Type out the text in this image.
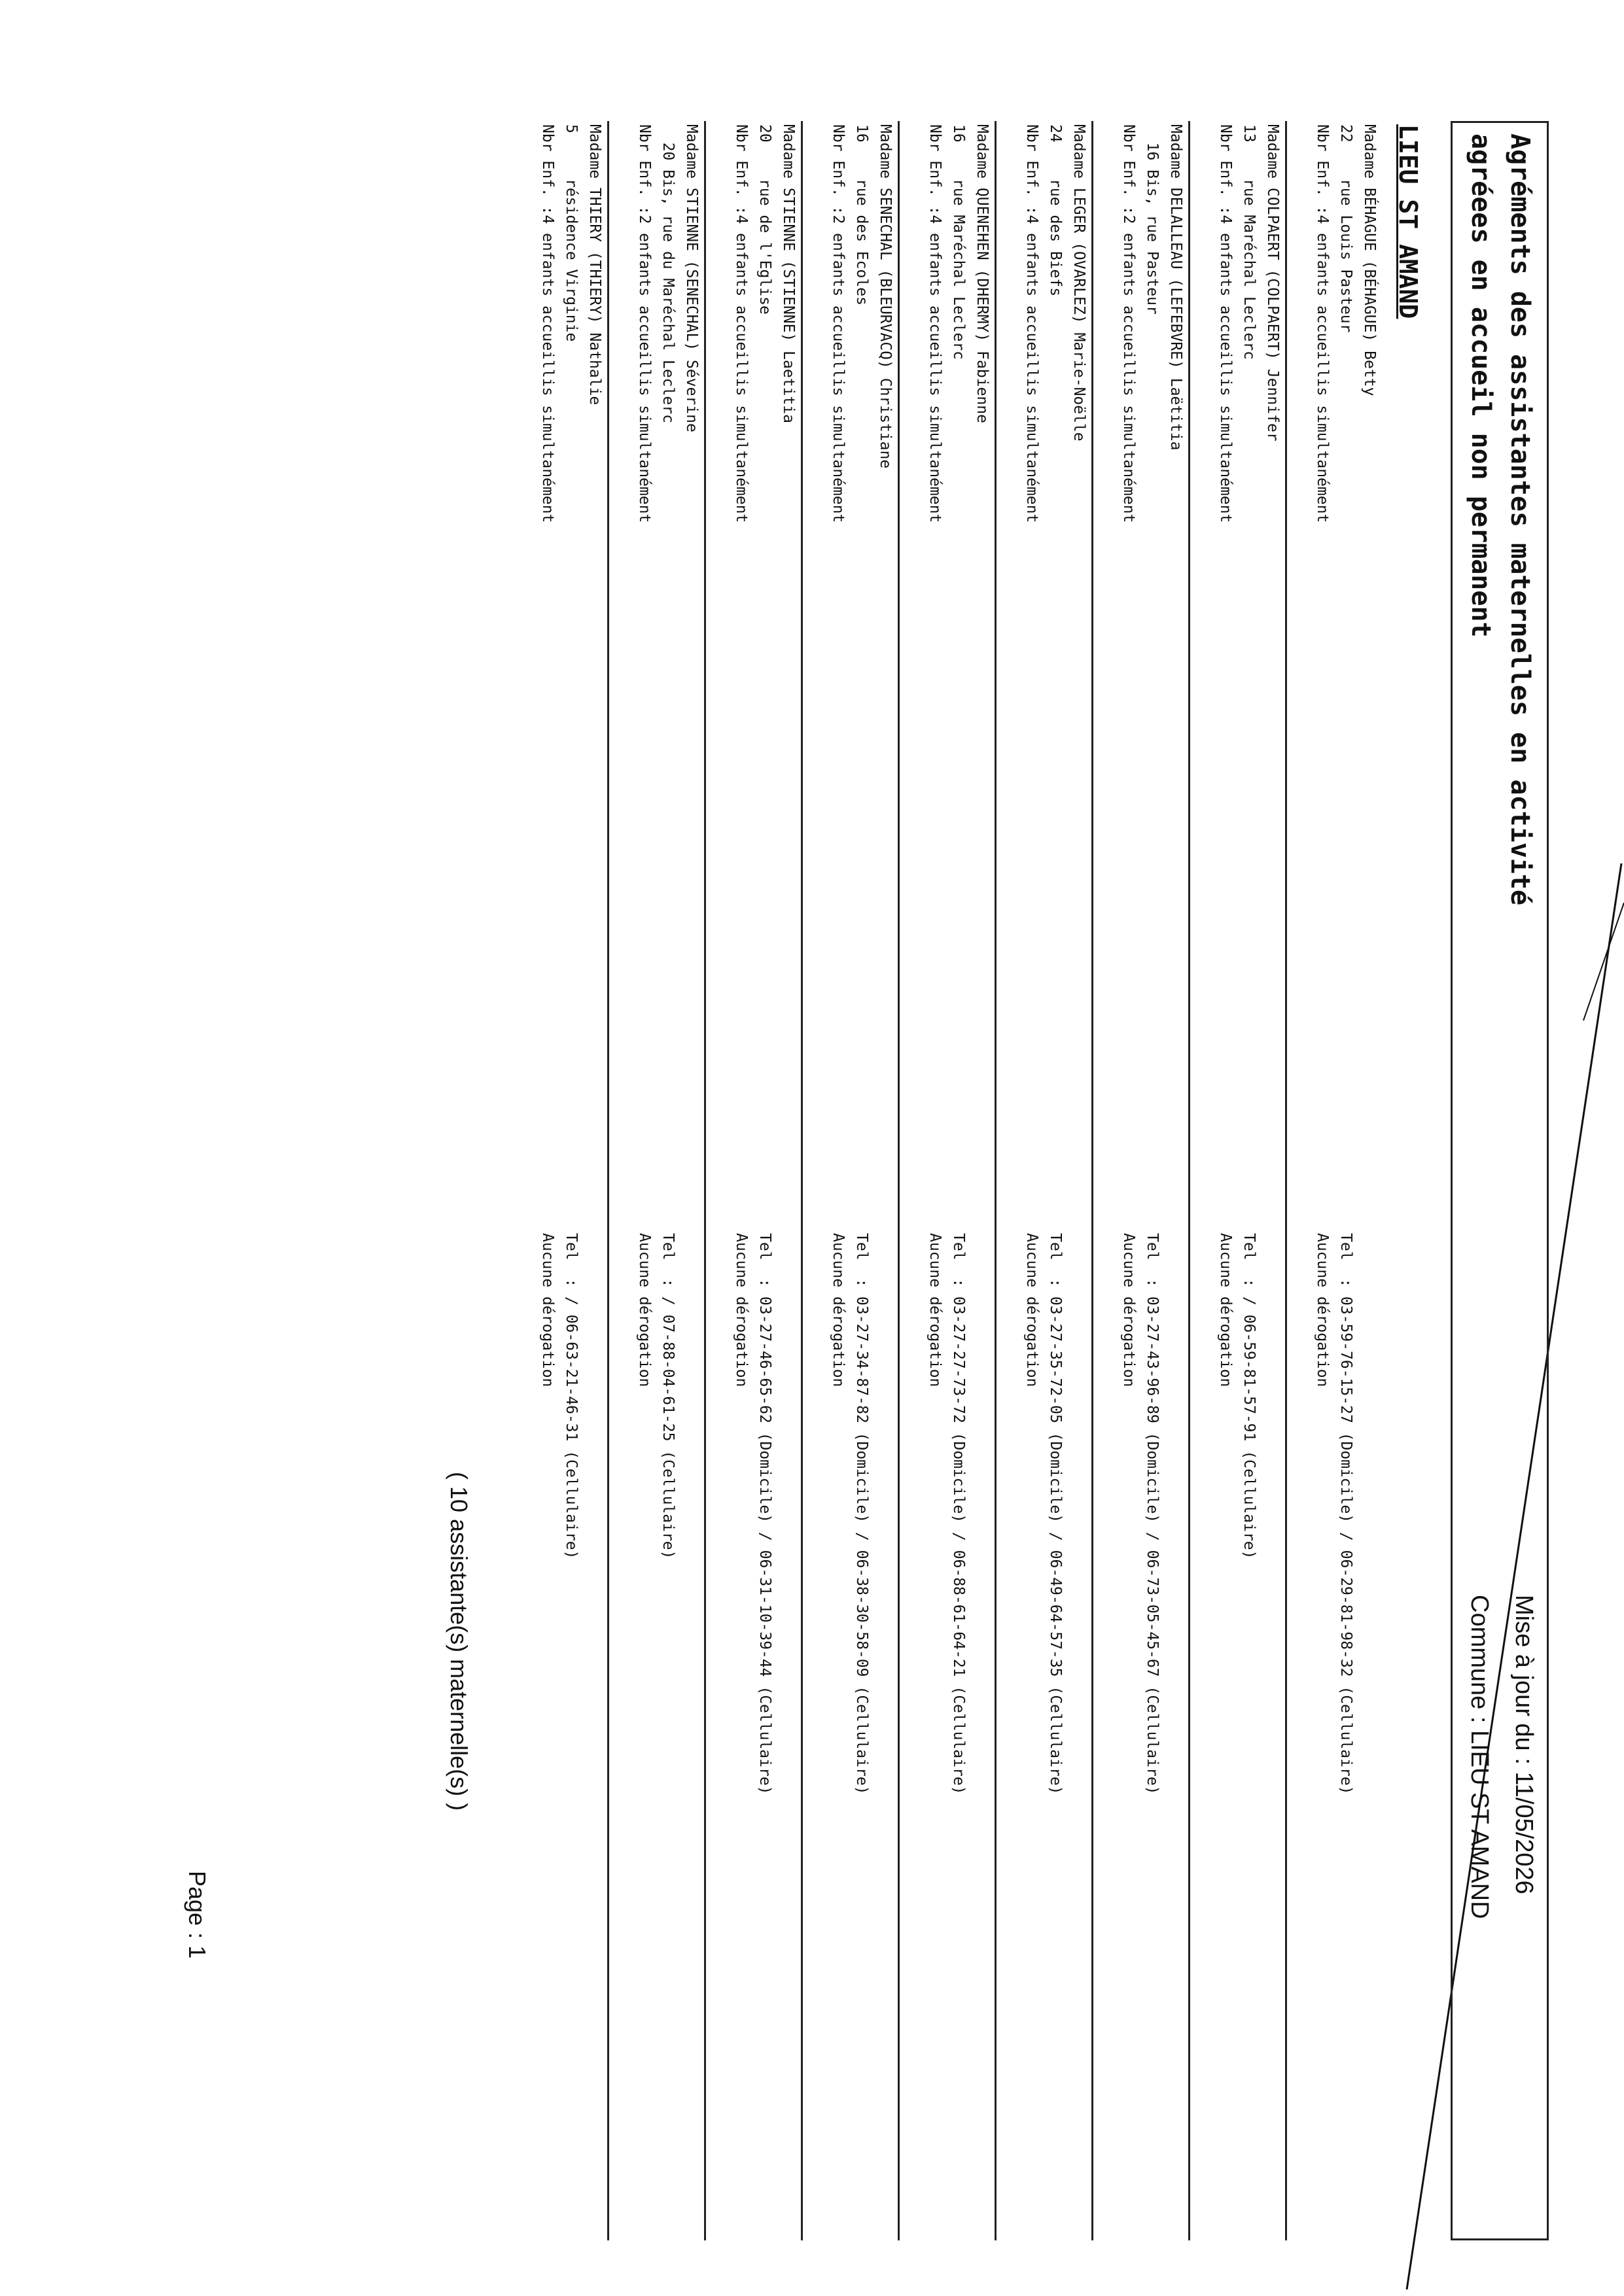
Agréments des assistantes maternelles en activité
agréees en accueil non permanent
Mise à jour du : 11/05/2026
Commune : LIEU ST AMAND
LIEU ST AMAND
Madame BÉHAGUE (BÉHAGUE) Betty
22    rue Louis Pasteur
Nbr Enf. :4 enfants accueillis simultanément
Tel  : 03-59-76-15-27 (Domicile) / 06-29-81-98-32 (Cellulaire)
Aucune dérogation
Madame COLPAERT (COLPAERT) Jennifer
13    rue Maréchal Leclerc
Nbr Enf. :4 enfants accueillis simultanément
Tel  : / 06-59-81-57-91 (Cellulaire)
Aucune dérogation
Madame DELALLEAU (LEFEBVRE) Laëtitia
16 Bis, rue Pasteur
Nbr Enf. :2 enfants accueillis simultanément
Tel  : 03-27-43-96-89 (Domicile) / 06-73-05-45-67 (Cellulaire)
Aucune dérogation
Madame LEGER (OVARLEZ) Marie-Noëlle
24    rue des Biefs
Nbr Enf. :4 enfants accueillis simultanément
Tel  : 03-27-35-72-05 (Domicile) / 06-49-64-57-35 (Cellulaire)
Aucune dérogation
Madame QUENEHEN (DHERMY) Fabienne
16    rue Maréchal Leclerc
Nbr Enf. :4 enfants accueillis simultanément
Tel  : 03-27-27-73-72 (Domicile) / 06-88-61-64-21 (Cellulaire)
Aucune dérogation
Madame SENECHAL (BLEURVACQ) Christiane
16    rue des Ecoles
Nbr Enf. :2 enfants accueillis simultanément
Tel  : 03-27-34-87-82 (Domicile) / 06-38-30-58-09 (Cellulaire)
Aucune dérogation
Madame STIENNE (STIENNE) Laetitia
20    rue de l'Eglise
Nbr Enf. :4 enfants accueillis simultanément
Tel  : 03-27-46-65-62 (Domicile) / 06-31-10-39-44 (Cellulaire)
Aucune dérogation
Madame STIENNE (SENECHAL) Séverine
20 Bis, rue du Maréchal Leclerc
Nbr Enf. :2 enfants accueillis simultanément
Tel  : / 07-88-04-61-25 (Cellulaire)
Aucune dérogation
Madame THIERY (THIERY) Nathalie
5     résidence Virginie
Nbr Enf. :4 enfants accueillis simultanément
Tel  : / 06-63-21-46-31 (Cellulaire)
Aucune dérogation
( 10 assistante(s) maternelle(s) )
Page : 1
